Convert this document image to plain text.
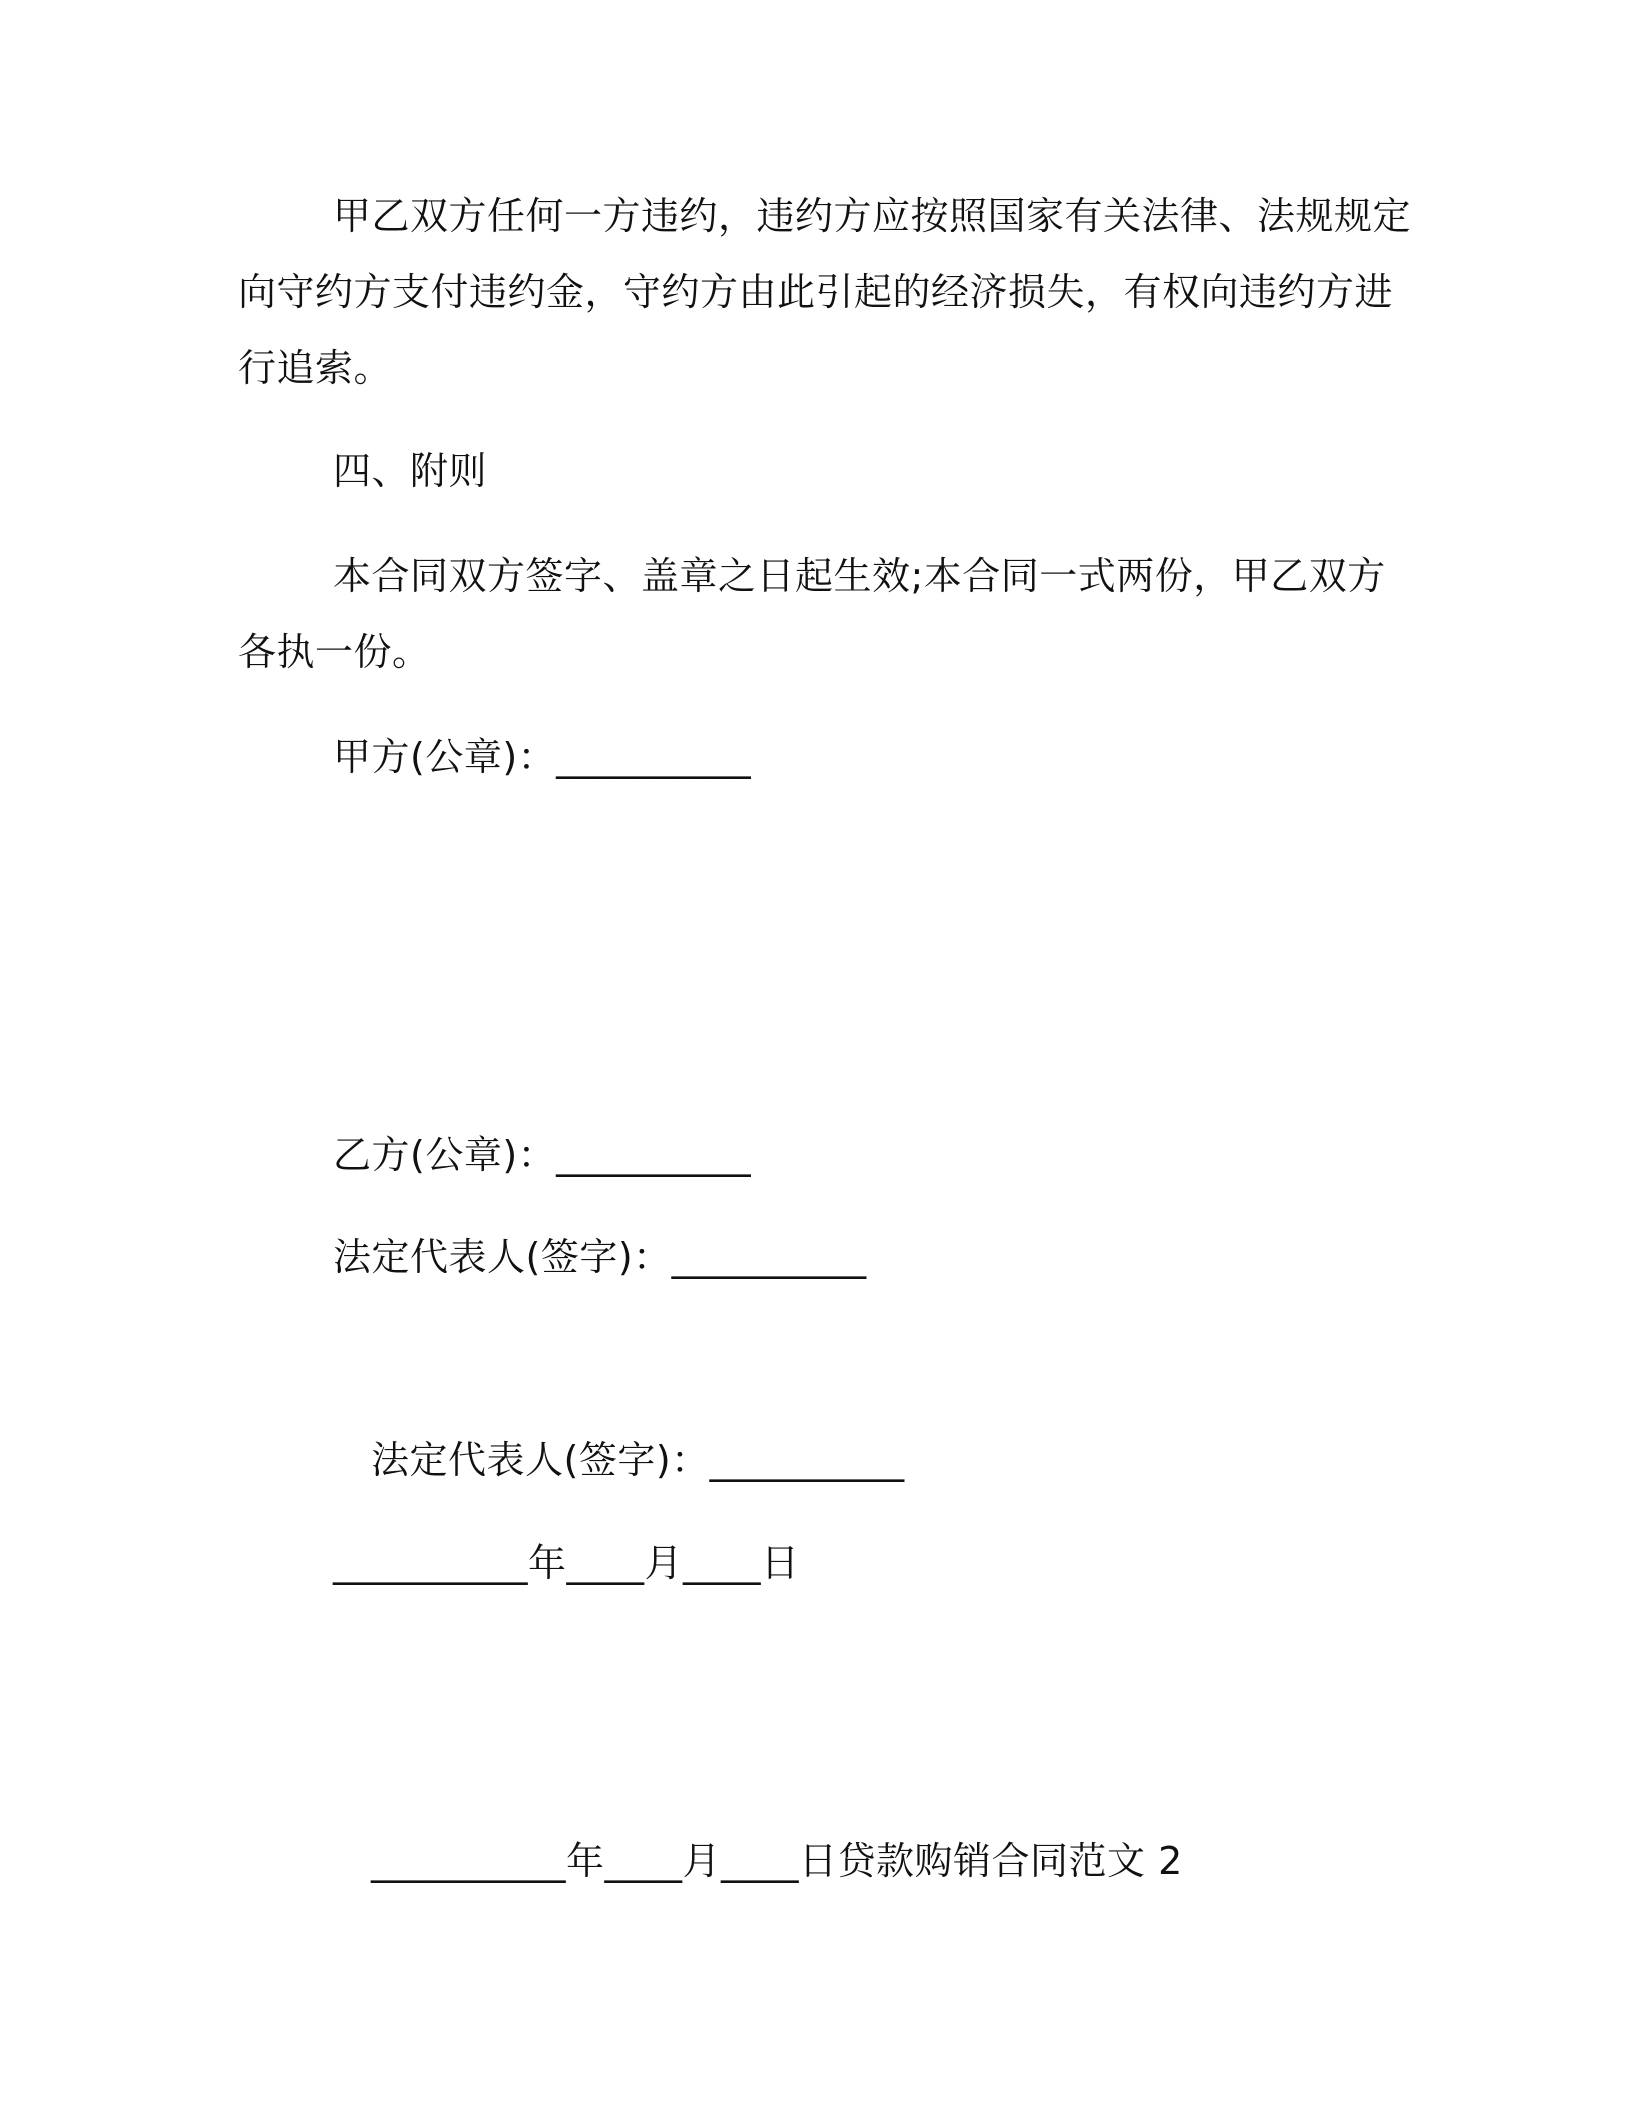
甲乙双方任何一方违约，违约方应按照国家有关法律、法规规定
向守约方支付违约金，守约方由此引起的经济损失，有权向违约方进
行追索。
四、附则
本合同双方签字、盖章之日起生效;本合同一式两份，甲乙双方
各执一份。
甲方(公章)：__________
乙方(公章)：__________
法定代表人(签字)：__________
法定代表人(签字)：__________
__________年____月____日
__________年____月____日贷款购销合同范文 2
